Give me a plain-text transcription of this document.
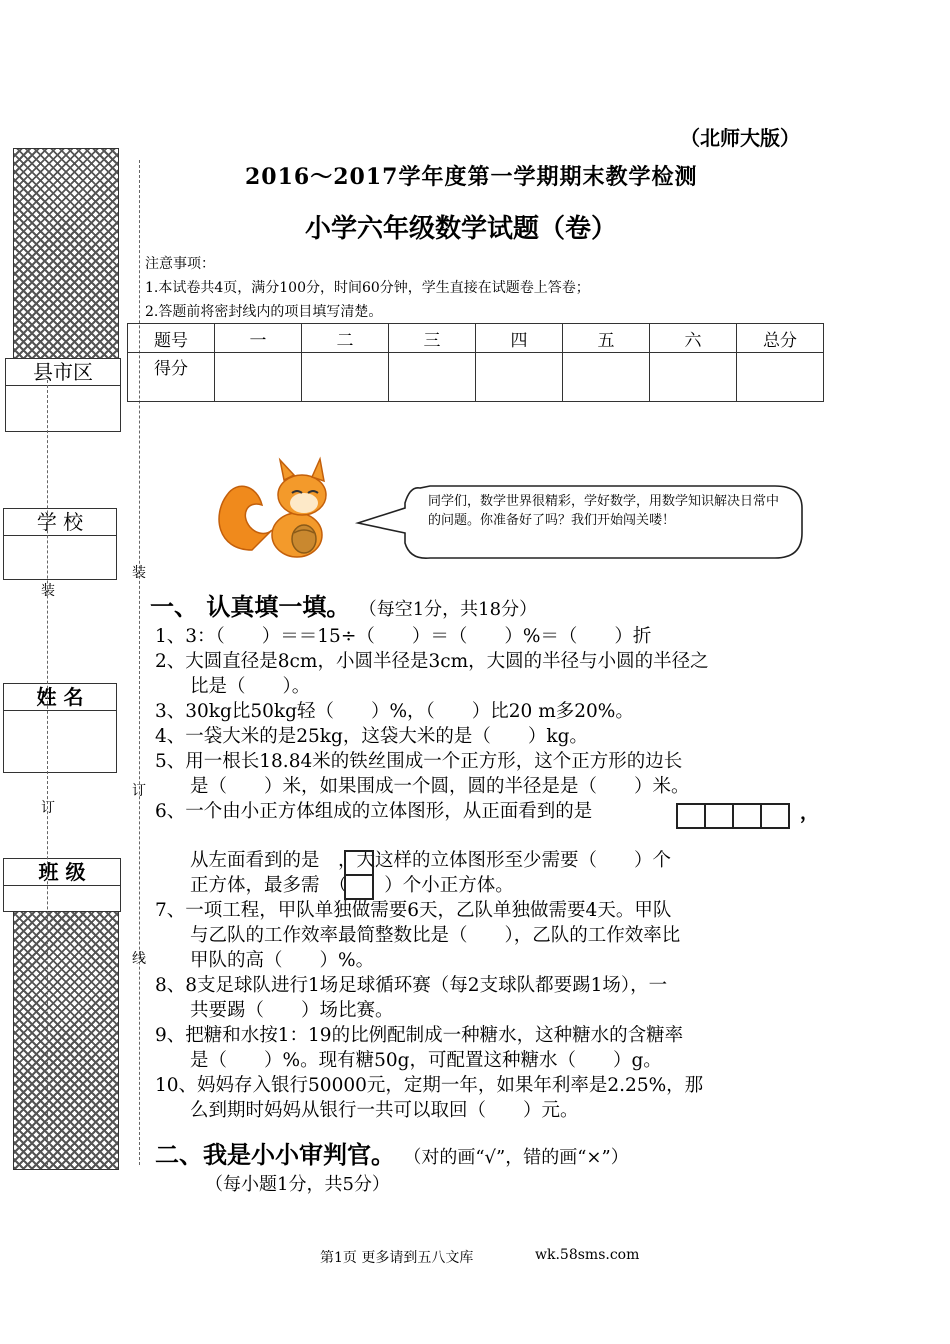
（北师大版）
2016～2017学年度第一学期期末教学检测
小学六年级数学试题（卷）
注意事项：
1.本试卷共4页，满分100分，时间60分钟，学生直接在试题卷上答卷；
2.答题前将密封线内的项目填写清楚。
县市区
学 校
姓 名
班 级
装
订
装
订
线
题号	一	二	三	四	五	六	总分
得分							
同学们，数学世界很精彩，学好数学，用数学知识解决日常中的问题。你准备好了吗？我们开始闯关喽！
一、 认真填一填。 （每空1分，共18分）
1、3：（　　）＝＝15÷（　　）＝（　　）%＝（　　）折
2、大圆直径是8cm，小圆半径是3cm，大圆的半径与小圆的半径之
比是（　　）。
3、30kg比50kg轻（　　）%，（　　）比20 m多20%。
4、一袋大米的是25kg，这袋大米的是（　　）kg。
5、用一根长18.84米的铁丝围成一个正方形，这个正方形的边长
是（　　）米，如果围成一个圆，圆的半径是是（　　）米。
6、一个由小正方体组成的立体图形，从正面看到的是	，
从左面看到的是　，大这样的立体图形至少需要（　　）个
正方体，最多需　（　　）个小正方体。
7、一项工程，甲队单独做需要6天，乙队单独做需要4天。甲队
与乙队的工作效率最简整数比是（　　），乙队的工作效率比
甲队的高（　　）%。
8、8支足球队进行1场足球循环赛（每2支球队都要踢1场），一
共要踢（　　）场比赛。
9、把糖和水按1：19的比例配制成一种糖水，这种糖水的含糖率
是（　　）%。现有糖50g，可配置这种糖水（　　）g。
10、妈妈存入银行50000元，定期一年，如果年利率是2.25%，那
么到期时妈妈从银行一共可以取回（　　）元。
二、我是小小审判官。 （对的画“√”，错的画“×”）
（每小题1分，共5分）
第1页 更多请到五八文库	wk.58sms.com
